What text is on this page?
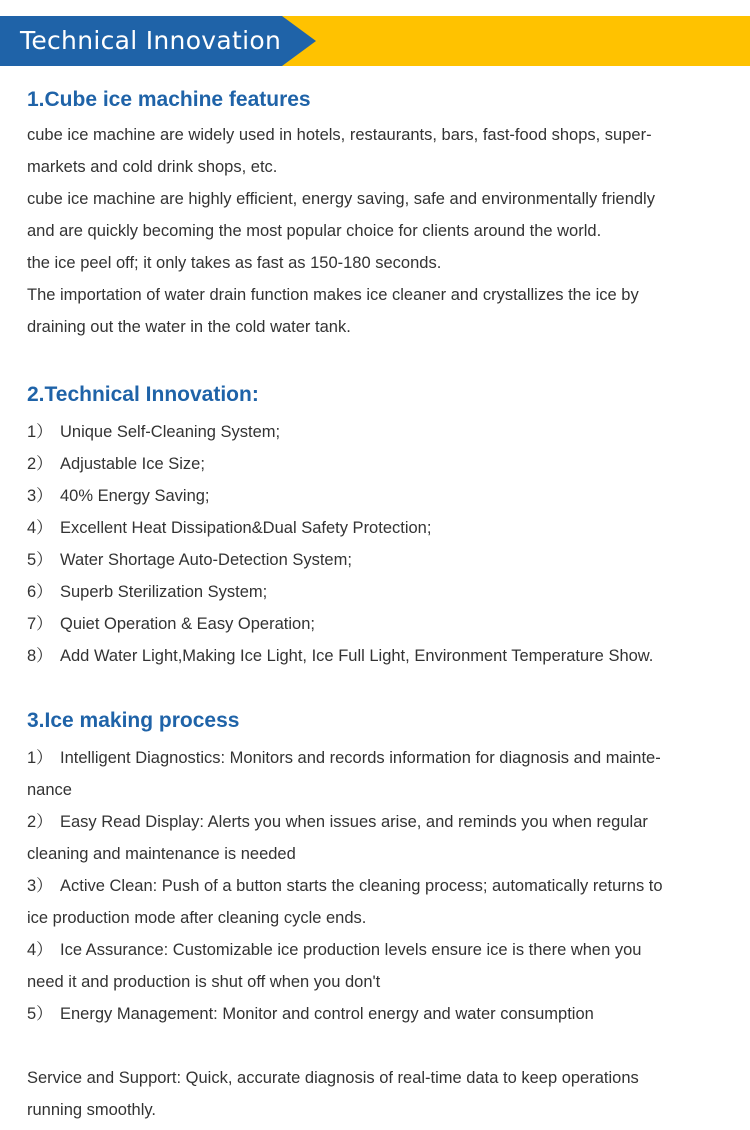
Technical Innovation
1.Cube ice machine features

cube ice machine are widely used in hotels, restaurants, bars, fast-food shops, super-

markets and cold drink shops, etc.

cube ice machine are highly efficient, energy saving, safe and environmentally friendly

and are quickly becoming the most popular choice for clients around the world.

the ice peel off; it only takes as fast as 150-180 seconds.

The importation of water drain function makes ice cleaner and crystallizes the ice by

draining out the water in the cold water tank.

2.Technical Innovation:
1） Unique Self-Cleaning System;
2） Adjustable Ice Size;
3） 40% Energy Saving;
4） Excellent Heat Dissipation&Dual Safety Protection;
5） Water Shortage Auto-Detection System;
6） Superb Sterilization System;
7） Quiet Operation & Easy Operation;
8） Add Water Light,Making Ice Light, Ice Full Light, Environment Temperature Show.
3.Ice making process
1） Intelligent Diagnostics: Monitors and records information for diagnosis and mainte-
nance
2） Easy Read Display: Alerts you when issues arise, and reminds you when regular
cleaning and maintenance is needed
3） Active Clean: Push of a button starts the cleaning process; automatically returns to
ice production mode after cleaning cycle ends.
4） Ice Assurance: Customizable ice production levels ensure ice is there when you
need it and production is shut off when you don't
5） Energy Management: Monitor and control energy and water consumption

Service and Support: Quick, accurate diagnosis of real-time data to keep operations

running smoothly.
